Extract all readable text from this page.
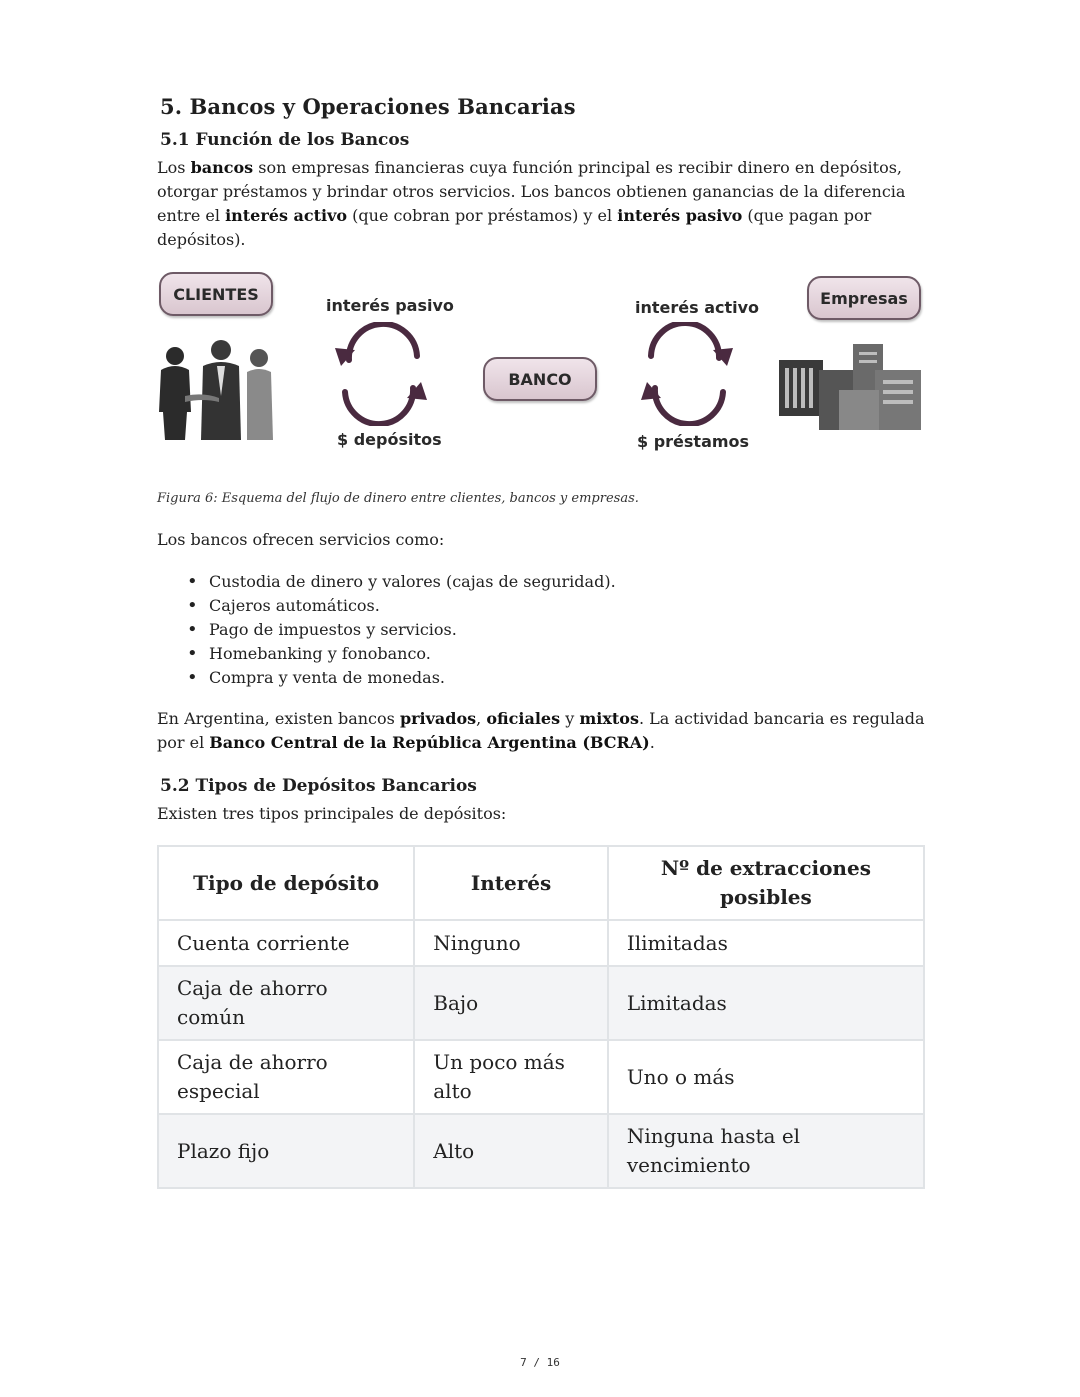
5. Bancos y Operaciones Bancarias
5.1 Función de los Bancos

Los bancos son empresas financieras cuya función principal es recibir dinero en depósitos, otorgar préstamos y brindar otros servicios. Los bancos obtienen ganancias de la diferencia entre el interés activo (que cobran por préstamos) y el interés pasivo (que pagan por depósitos).

CLIENTES
interés pasivo
$ depósitos
BANCO
interés activo
$ préstamos
Empresas

Figura 6: Esquema del flujo de dinero entre clientes, bancos y empresas.

Los bancos ofrecen servicios como:

• Custodia de dinero y valores (cajas de seguridad).
• Cajeros automáticos.
• Pago de impuestos y servicios.
• Homebanking y fonobanco.
• Compra y venta de monedas.

En Argentina, existen bancos privados, oficiales y mixtos. La actividad bancaria es regulada por el Banco Central de la República Argentina (BCRA).

5.2 Tipos de Depósitos Bancarios

Existen tres tipos principales de depósitos:

Tipo de depósito	Interés	Nº de extracciones posibles
Cuenta corriente	Ninguno	Ilimitadas
Caja de ahorro común	Bajo	Limitadas
Caja de ahorro especial	Un poco más alto	Uno o más
Plazo fijo	Alto	Ninguna hasta el vencimiento
7 / 16
